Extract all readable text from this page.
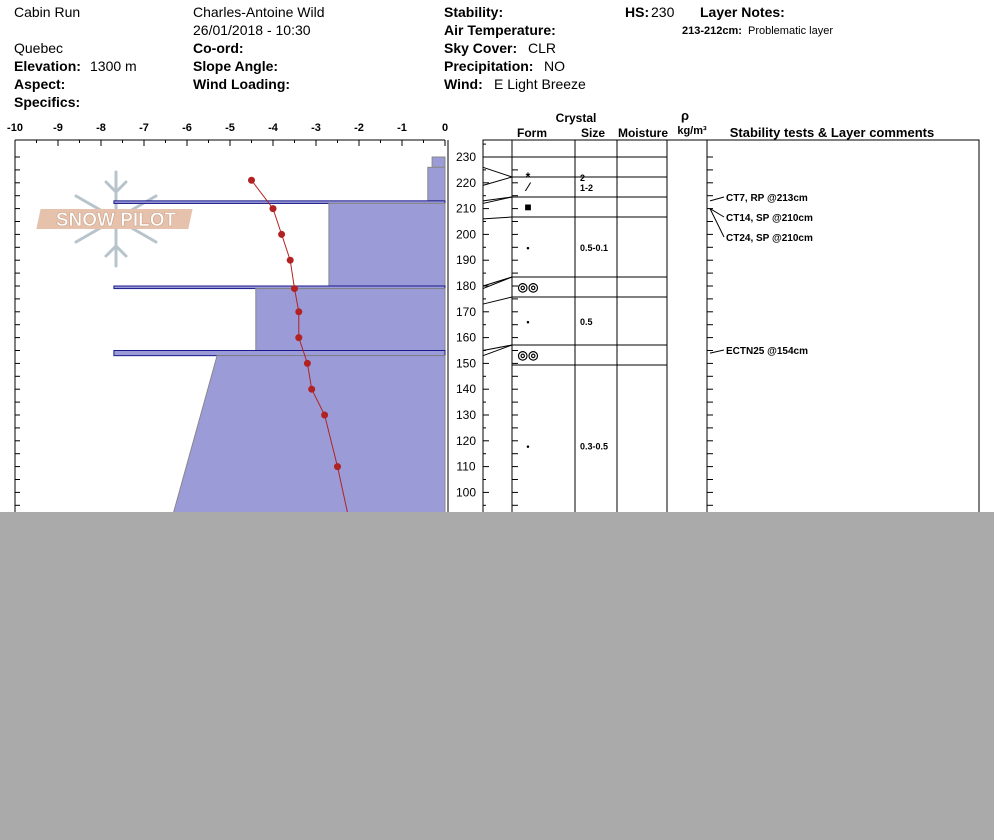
Cabin Run
Quebec
Elevation: 1300 m
Aspect:
Specifics:
Charles-Antoine Wild
26/01/2018 - 10:30
Co-ord:
Slope Angle:
Wind Loading:
Stability:
Air Temperature:
Sky Cover: CLR
Precipitation: NO
Wind: E Light Breeze
HS: 230 Layer Notes:
213-212cm: Problematic layer
SNOW PILOT
-10	-9	-8	-7	-6	-5	-4	-3	-2	-1	0
100
110
120
130
140
150
160
170
180
190
200
210
220
230
Crystal
Form	Size Moisture
ρ
kg/m³ Stability tests & Layer comments
*	2
⁄	1-2
■
•	0.5-0.1
◎◎
•	0.5
◎◎
•	0.3-0.5
CT7, RP @213cm
CT14, SP @210cm
CT24, SP @210cm
ECTN25 @154cm
